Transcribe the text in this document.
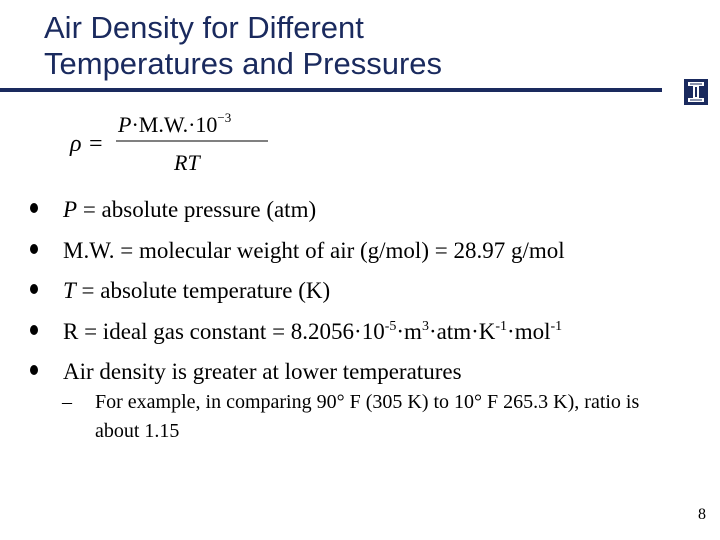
Air Density for Different
Temperatures and Pressures
ρ =
$P\cdot M.W.\cdot 10^{-3}$
RT
P = absolute pressure (atm)
M.W. = molecular weight of air (g/mol) = 28.97 g/mol
T = absolute temperature (K)
R = ideal gas constant = $8.2056\cdot 10^{-5}\cdot m^3\cdot atm\cdot K^{-1}\cdot mol^{-1}$
Air density is greater at lower temperatures
–	For example, in comparing 90° F (305 K) to 10° F 265.3 K), ratio is about 1.15
8
